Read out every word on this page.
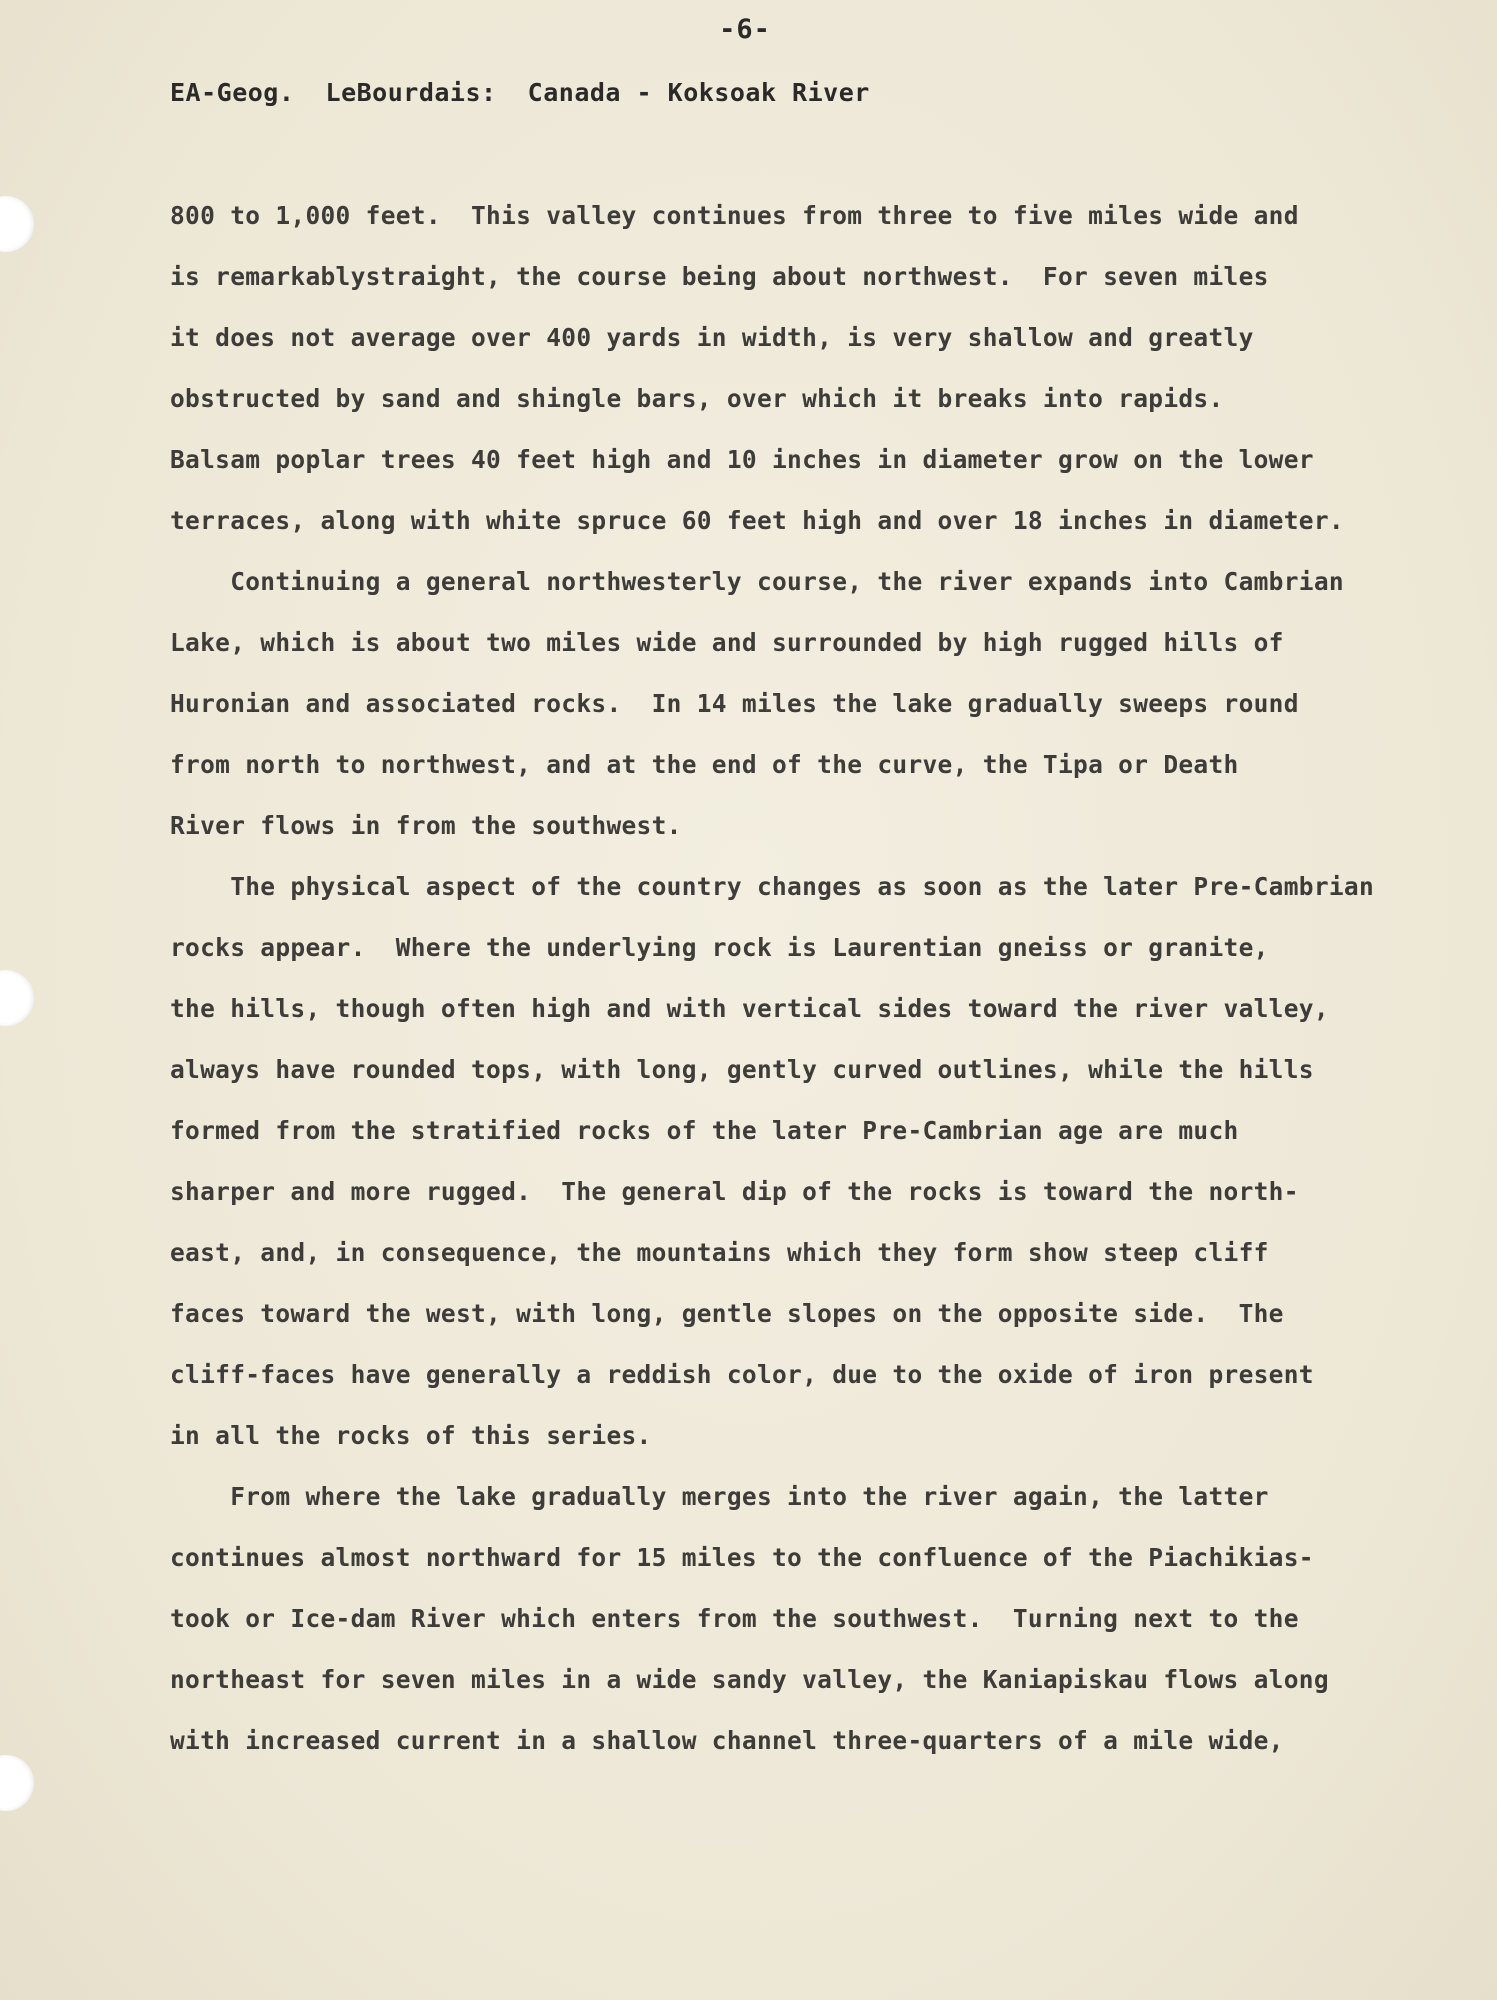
-6-
EA-Geog.  LeBourdais:  Canada - Koksoak River
800 to 1,000 feet.  This valley continues from three to five miles wide and
is remarkablystraight, the course being about northwest.  For seven miles
it does not average over 400 yards in width, is very shallow and greatly
obstructed by sand and shingle bars, over which it breaks into rapids.
Balsam poplar trees 40 feet high and 10 inches in diameter grow on the lower
terraces, along with white spruce 60 feet high and over 18 inches in diameter.
Continuing a general northwesterly course, the river expands into Cambrian
Lake, which is about two miles wide and surrounded by high rugged hills of
Huronian and associated rocks.  In 14 miles the lake gradually sweeps round
from north to northwest, and at the end of the curve, the Tipa or Death
River flows in from the southwest.
The physical aspect of the country changes as soon as the later Pre-Cambrian
rocks appear.  Where the underlying rock is Laurentian gneiss or granite,
the hills, though often high and with vertical sides toward the river valley,
always have rounded tops, with long, gently curved outlines, while the hills
formed from the stratified rocks of the later Pre-Cambrian age are much
sharper and more rugged.  The general dip of the rocks is toward the north-
east, and, in consequence, the mountains which they form show steep cliff
faces toward the west, with long, gentle slopes on the opposite side.  The
cliff-faces have generally a reddish color, due to the oxide of iron present
in all the rocks of this series.
From where the lake gradually merges into the river again, the latter
continues almost northward for 15 miles to the confluence of the Piachikias-
took or Ice-dam River which enters from the southwest.  Turning next to the
northeast for seven miles in a wide sandy valley, the Kaniapiskau flows along
with increased current in a shallow channel three-quarters of a mile wide,
